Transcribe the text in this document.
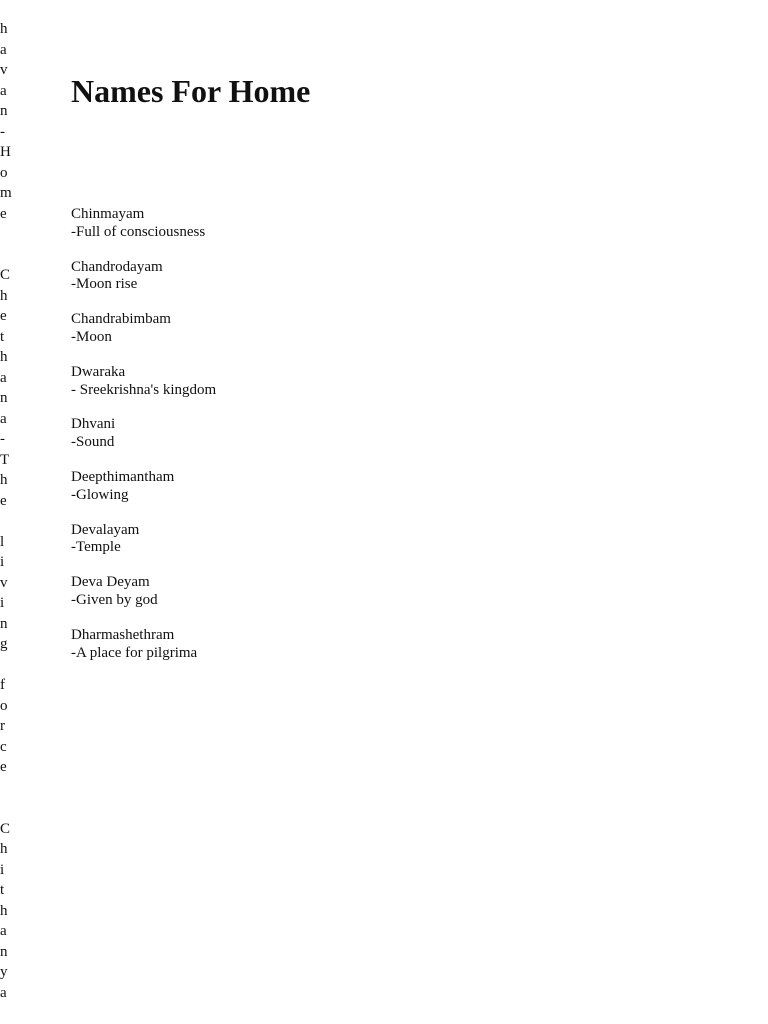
h
a
v
a
n
-
H
o
m
e
C
h
e
t
h
a
n
a
-
T
h
e

l
i
v
i
n
g

f
o
r
c
e
C
h
i
t
h
a
n
y
a
Names For Home
Chinmayam
-Full of consciousness
Chandrodayam
-Moon rise
Chandrabimbam
-Moon
Dwaraka
- Sreekrishna's kingdom
Dhvani
-Sound
Deepthimantham
-Glowing
Devalayam
-Temple
Deva Deyam
-Given by god
Dharmashethram
-A place for pilgrima
